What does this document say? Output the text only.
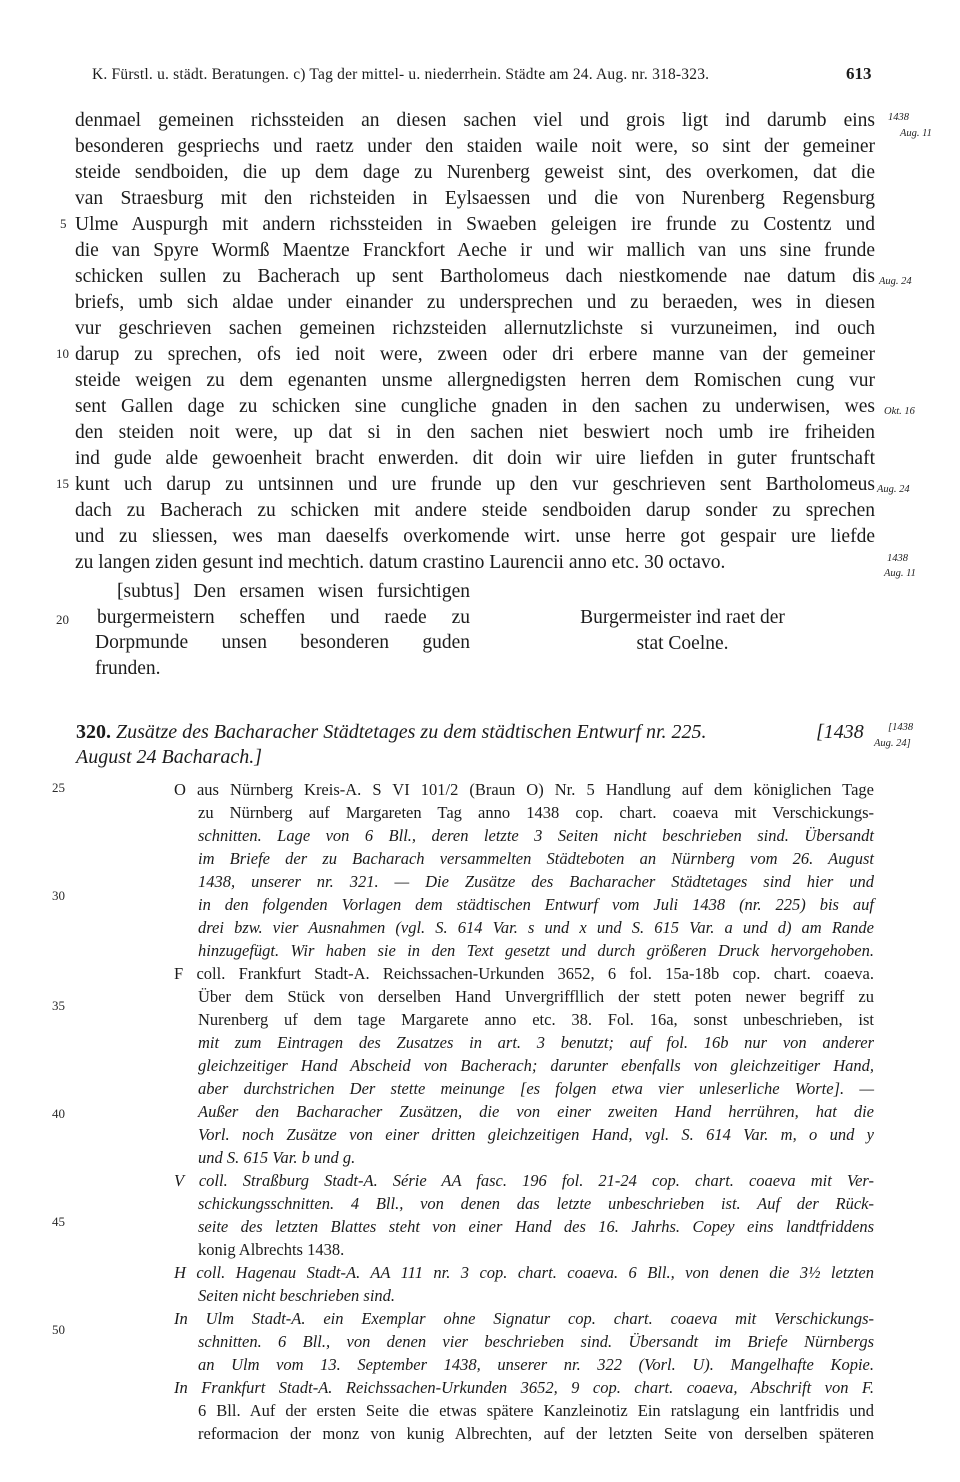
K. Fürstl. u. städt. Beratungen. c) Tag der mittel- u. niederrhein. Städte am 24. Aug. nr. 318-323.	613
denmael gemeinen richssteiden an diesen sachen viel und grois ligt ind darumb eins
besonderen gespriechs und raetz under den staiden waile noit were, so sint der gemeiner
steide sendboiden, die up dem dage zu Nurenberg geweist sint, des overkomen, dat die
van Straesburg mit den richsteiden in Eylsaessen und die von Nurenberg Regensburg
Ulme Auspurgh mit andern richssteiden in Swaeben geleigen ire frunde zu Costentz und
die van Spyre Wormß Maentze Franckfort Aeche ir und wir mallich van uns sine frunde
schicken sullen zu Bacherach up sent Bartholomeus dach niestkomende nae datum dis
briefs, umb sich aldae under einander zu undersprechen und zu beraeden, wes in diesen
vur geschrieven sachen gemeinen richzsteiden allernutzlichste si vurzuneimen, ind ouch
darup zu sprechen, ofs ied noit were, zween oder dri erbere manne van der gemeiner
steide weigen zu dem egenanten unsme allergnedigsten herren dem Romischen cung vur
sent Gallen dage zu schicken sine cungliche gnaden in den sachen zu underwisen, wes
den steiden noit were, up dat si in den sachen niet beswiert noch umb ire friheiden
ind gude alde gewoenheit bracht enwerden. dit doin wir uire liefden in guter fruntschaft
kunt uch darup zu untsinnen und ure frunde up den vur geschrieven sent Bartholomeus
dach zu Bacherach zu schicken mit andere steide sendboiden darup sonder zu sprechen
und zu sliessen, wes man daeselfs overkomende wirt. unse herre got gespair ure liefde
zu langen ziden gesunt ind mechtich. datum crastino Laurencii anno etc. 30 octavo.
5
10
15
20
25
30
35
40
45
50
1438
Aug. 11
Aug. 24
Okt. 16
Aug. 24
1438
Aug. 11
[1438
Aug. 24]
[subtus] Den ersamen wisen fursichtigen
burgermeistern scheffen und raede zu
Dorpmunde unsen besonderen guden
frunden.
Burgermeister ind raet der
stat Coelne.
320. Zusätze des Bacharacher Städtetages zu dem städtischen Entwurf nr. 225.	[1438
August 24 Bacharach.]
O aus Nürnberg Kreis-A. S VI 101/2 (Braun O) Nr. 5 Handlung auf dem königlichen Tage
zu Nürnberg auf Margareten Tag anno 1438 cop. chart. coaeva mit Verschickungs-
schnitten. Lage von 6 Bll., deren letzte 3 Seiten nicht beschrieben sind. Übersandt
im Briefe der zu Bacharach versammelten Städteboten an Nürnberg vom 26. August
1438, unserer nr. 321. — Die Zusätze des Bacharacher Städtetages sind hier und
in den folgenden Vorlagen dem städtischen Entwurf vom Juli 1438 (nr. 225) bis auf
drei bzw. vier Ausnahmen (vgl. S. 614 Var. s und x und S. 615 Var. a und d) am Rande
hinzugefügt. Wir haben sie in den Text gesetzt und durch größeren Druck hervorgehoben.
F coll. Frankfurt Stadt-A. Reichssachen-Urkunden 3652, 6 fol. 15a-18b cop. chart. coaeva.
Über dem Stück von derselben Hand Unvergriffllich der stett poten newer begriff zu
Nurenberg uf dem tage Margarete anno etc. 38. Fol. 16a, sonst unbeschrieben, ist
mit zum Eintragen des Zusatzes in art. 3 benutzt; auf fol. 16b nur von anderer
gleichzeitiger Hand Abscheid von Bacherach; darunter ebenfalls von gleichzeitiger Hand,
aber durchstrichen Der stette meinunge [es folgen etwa vier unleserliche Worte]. —
Außer den Bacharacher Zusätzen, die von einer zweiten Hand herrühren, hat die
Vorl. noch Zusätze von einer dritten gleichzeitigen Hand, vgl. S. 614 Var. m, o und y
und S. 615 Var. b und g.
V coll. Straßburg Stadt-A. Série AA fasc. 196 fol. 21-24 cop. chart. coaeva mit Ver-
schickungsschnitten. 4 Bll., von denen das letzte unbeschrieben ist. Auf der Rück-
seite des letzten Blattes steht von einer Hand des 16. Jahrhs. Copey eins landtfriddens
konig Albrechts 1438.
H coll. Hagenau Stadt-A. AA 111 nr. 3 cop. chart. coaeva. 6 Bll., von denen die 3½ letzten
Seiten nicht beschrieben sind.
In Ulm Stadt-A. ein Exemplar ohne Signatur cop. chart. coaeva mit Verschickungs-
schnitten. 6 Bll., von denen vier beschrieben sind. Übersandt im Briefe Nürnbergs
an Ulm vom 13. September 1438, unserer nr. 322 (Vorl. U). Mangelhafte Kopie.
In Frankfurt Stadt-A. Reichssachen-Urkunden 3652, 9 cop. chart. coaeva, Abschrift von F.
6 Bll. Auf der ersten Seite die etwas spätere Kanzleinotiz Ein ratslagung ein lantfridis und
reformacion der monz von kunig Albrechten, auf der letzten Seite von derselben späteren
